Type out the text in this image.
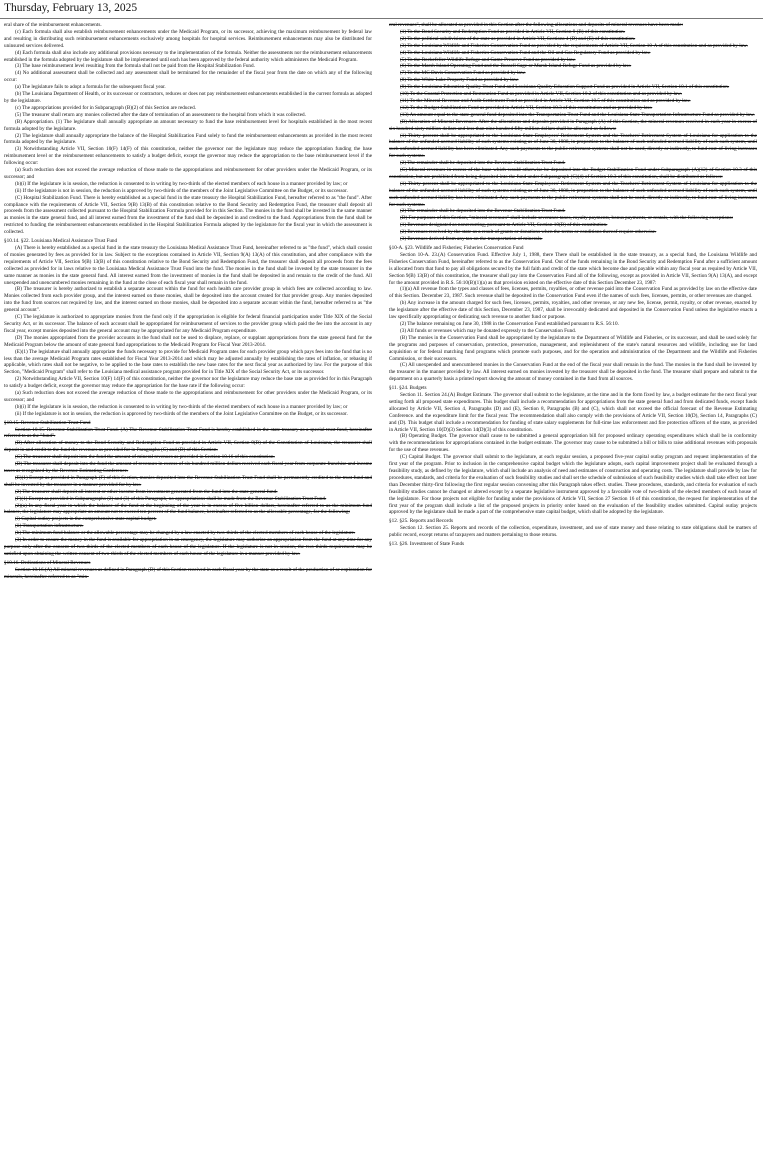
Thursday, February 13, 2025

eral share of the reimbursement enhancements.

(c) Each formula shall also establish reimbursement enhancements under the Medicaid Program, or its successor, achieving the maximum reimbursement by federal law and resulting in distributing such reimbursement enhancements exclusively among hospitals for hospital services. Reimbursement enhancements may also be distributed for uninsured services delivered.

(d) Each formula shall also include any additional provisions necessary to the implementation of the formula. Neither the assessments nor the reimbursement enhancements established in the formula adopted by the legislature shall be implemented until each has been approved by the federal authority which administers the Medicaid Program.

(3) The base reimbursement level resulting from the formula shall not be paid from the Hospital Stabilization Fund.

(4) No additional assessment shall be collected and any assessment shall be terminated for the remainder of the fiscal year from the date on which any of the following occur:

(a) The legislature fails to adopt a formula for the subsequent fiscal year.

(b) The Louisiana Department of Health, or its successor or contractors, reduces or does not pay reimbursement enhancements established in the current formula as adopted by the legislature.

(c) The appropriations provided for in Subparagraph (B)(2) of this Section are reduced.

(5) The treasurer shall return any monies collected after the date of termination of an assessment to the hospital from which it was collected.

(B) Appropriation. (1) The legislature shall annually appropriate an amount necessary to fund the base reimbursement level for hospitals established in the most recent formula adopted by the legislature.

(2) The legislature shall annually appropriate the balance of the Hospital Stabilization Fund solely to fund the reimbursement enhancements as provided in the most recent formula adopted by the legislature.

(3) Notwithstanding Article VII, Section 10(F) 14(F) of this constitution, neither the governor nor the legislature may reduce the appropriation funding the base reimbursement level or the reimbursement enhancements to satisfy a budget deficit, except the governor may reduce the appropriation to the base reimbursement level if the following occur:

(a) Such reduction does not exceed the average reduction of those made to the appropriations and reimbursement for other providers under the Medicaid Program, or its successor; and

(b)(i) If the legislature is in session, the reduction is consented to in writing by two-thirds of the elected members of each house in a manner provided by law; or

(ii) If the legislature is not in session, the reduction is approved by two-thirds of the members of the Joint Legislative Committee on the Budget, or its successor.

(C) Hospital Stabilization Fund. There is hereby established as a special fund in the state treasury the Hospital Stabilization Fund, hereafter referred to as "the fund". After compliance with the requirements of Article VII, Section 9(B) 13(B) of this constitution relative to the Bond Security and Redemption Fund, the treasurer shall deposit all proceeds from the assessment collected pursuant to the Hospital Stabilization Formula provided for in this Section. The monies in the fund shall be invested in the same manner as monies in the state general fund, and all interest earned from the investment of the fund shall be deposited in and credited to the fund. Appropriations from the fund shall be restricted to funding the reimbursement enhancements established in the Hospital Stabilization Formula adopted by the legislature for the fiscal year in which the assessment is collected.

§10.14. §22. Louisiana Medical Assistance Trust Fund

(A) There is hereby established as a special fund in the state treasury the Louisiana Medical Assistance Trust Fund, hereinafter referred to as "the fund", which shall consist of monies generated by fees as provided for in law. Subject to the exceptions contained in Article VII, Section 9(A) 13(A) of this constitution, and after compliance with the requirements of Article VII, Section 9(B) 13(B) of this constitution relative to the Bond Security and Redemption Fund, the treasurer shall deposit all proceeds from the fees collected as provided for in laws relative to the Louisiana Medical Assistance Trust Fund into the fund. The monies in the fund shall be invested by the state treasurer in the same manner as monies in the state general fund. All interest earned from the investment of monies in the fund shall be deposited in and remain to the credit of the fund. All unexpended and unencumbered monies remaining in the fund at the close of each fiscal year shall remain in the fund.

(B) The treasurer is hereby authorized to establish a separate account within the fund for each health care provider group in which fees are collected according to law. Monies collected from each provider group, and the interest earned on those monies, shall be deposited into the account created for that provider group. Any monies deposited into the fund from sources not required by law, and the interest earned on those monies, shall be deposited into a separate account within the fund, hereafter referred to as "the general account".

(C) The legislature is authorized to appropriate monies from the fund only if the appropriation is eligible for federal financial participation under Title XIX of the Social Security Act, or its successor. The balance of each account shall be appropriated for reimbursement of services to the provider group which paid the fee into the account in any fiscal year, except monies deposited into the general account may be appropriated for any Medicaid Program expenditure.

(D) The monies appropriated from the provider accounts in the fund shall not be used to displace, replace, or supplant appropriations from the state general fund for the Medicaid Program below the amount of state general fund appropriations to the Medicaid Program for Fiscal Year 2013-2014.

(E)(1) The legislature shall annually appropriate the funds necessary to provide for Medicaid Program rates for each provider group which pays fees into the fund that is no less than the average Medicaid Program rates established for Fiscal Year 2013-2014 and which may be adjusted annually by establishing the rates of inflation, or rebasing if applicable, which rates shall not be negative, to be applied to the base rates to establish the new base rates for the next fiscal year as authorized by law. For the purpose of this Section, "Medicaid Program" shall refer to the Louisiana medical assistance program provided for in Title XIX of the Social Security Act, or its successor.

(2) Notwithstanding Article VII, Section 10(F) 14(F) of this constitution, neither the governor nor the legislature may reduce the base rate as provided for in this Paragraph to satisfy a budget deficit, except the governor may reduce the appropriation for the base rate if the following occur:

(a) Such reduction does not exceed the average reduction of those made to the appropriations and reimbursement for other providers under the Medicaid Program, or its successor; and

(b)(i) If the legislature is in session, the reduction is consented to in writing by two-thirds of the elected members of each house in a manner provided by law; or

(ii) If the legislature is not in session, the reduction is approved by two-thirds of the members of the Joint Legislative Committee on the Budget, or its successor.

§10.15. Revenue Stabilization Trust Fund

Section 10.15. Revenue Stabilization Trust Fund. (A) The Revenue Stabilization Trust Fund is hereby established in the state treasury as a special trust fund, hereinafter referred to as the "fund".

(B) After allocation of money to the Bond Security and Redemption Fund as provided in Article VII, Section 9(B) of the Constitution of Louisiana, the treasurer shall deposit in and credit to the fund the revenues as provided for in Paragraphs (C) and (D) of this Section.

(C) The treasurer shall deposit into the fund the amount of mineral revenues as provided in Section 10.16 of this constitution.

(D) The treasurer shall deposit into the fund the amount of revenues in excess of six hundred million dollars received each fiscal year from corporate franchise and income taxes as recognized by the Revenue Estimating Conference.

(E)(1) Except as provided in Paragraph (F) of this Section, monies deposited into the Revenue Stabilization Trust Fund shall be permanently credited to the trust fund and shall be invested by the treasurer in a manner provided for by law.

(2) The treasurer shall deposit all interest or other income from investment generated from the fund into the state general fund.

(F)(1) Except as provided in Subparagraphs (2) and (3) of this Paragraph, no appropriations shall be made from the Revenue Stabilization Trust Fund.

(2)(a) In any fiscal year in which the balance of the fund at the beginning of the year is in excess of five billion dollars, hereinafter referred to as the minimum fund balance, the legislature may appropriate an amount not to exceed ten percent of the fund balance, hereinafter referred to as the allowable percentage, for the following:

(i) Capital outlay projects in the comprehensive state capital budget.

(ii) Transportation infrastructure.

(b) The minimum fund balance or the allowable percentage may be changed by a law enacted by two-thirds of the elected members of each house of the legislature.

(3) In order to ensure the money in the fund is available for appropriation in an emergency, the legislature may authorize an appropriation from the fund at any time for any purpose only after the consent of two-thirds of the elected members of each house of the legislature. If the legislature is not in session, the two-thirds requirement may be satisfied upon obtaining the written consent of two-thirds of the elected members of each house of the legislature in a manner provided by law.

§10.16. Dedications of Mineral Revenues

Section 10.16.(A) All mineral revenues as defined in Paragraph (D) of this Section received in each fiscal year by the state as a result of the production of or exploration for minerals, hereinafter referred to as "min-

eral revenues", shall be allocated as provided in this Section after the following allocations and deposits of mineral revenues have been made:

(1) To the Bond Security and Redemption Fund as provided in Article VII, Section 9 (B) of this constitution.

(2) To the political subdivisions of the state as provided in Article VII, Sections 4 (D) and (E) of this constitution.

(3) To the Louisiana Wildlife and Fisheries Conservation Fund as provided by the requirements of Article VII, Section 10-A of this constitution and as provided by law.

(4) To the Louisiana Wildlife and Fisheries Conservation Fund and the Oil and Gas Regulatory Fund as provided by law.

(5) To the Rockefeller Wildlife Refuge and Game Preserve Fund as provided by law.

(6) To the Marsh Island Operating Fund and the Russell Sage or Marsh Island Refuge Fund as provided by law.

(7) To the MC Davis Conservation Fund as provided by law.

(8) To the White Lake Property Fund as provided by law.

(9) To the Louisiana Education Quality Trust Fund and Louisiana Quality Education Support Fund as provided in Article VII, Section 10.1 of this constitution.

(10) To the Coastal Protection and Restoration Fund as provided in Article VII, Section 10.2 of this constitution and as provided by law.

(11) To the Mineral Revenue and Audit Settlement Fund as provided in Article VII, Section 10.5 of this constitution and as provided by law.

(12) To the Budget Stabilization Fund as provided in Article VII, Section 10.3 of this constitution and as provided by law.

(13) An amount equal to the state general fund deposited into the Transportation Trust Fund and the Louisiana State Transportation Infrastructure Fund as provided by law.

(B) Allocation of Mineral Revenues. After the allocations and deposits provided in Paragraph (A) of this Section, the mineral revenues received in each year in excess of six hundred sixty million dollars and less than nine hundred fifty million dollars shall be allocated as follows:

(1) Thirty percent shall be appropriated to the Louisiana State Employees' Retirement System and the Teachers' Retirement System of Louisiana for application to the balance of the unfunded accrued liability of such systems existing as of June 30, 1988, in proportion to the balance of such unfunded accrued liability of each such system, until such unfunded accrued liability has been eliminated. Any such payments to the public retirement systems shall not be used, directly or indirectly, to fund cost-of-living increases for such systems.

(2) The remainder shall be deposited into the Revenue Stabilization Trust Fund.

(C) Mineral revenues in excess of the base which would otherwise be deposited into the Budget Stabilization Fund under Subparagraph (A)(12) of Section 10.3 of this constitution, but are prohibited from being deposited into the fund under Subparagraph (C)(4) of Section 10.3 of this constitution, shall be distributed as follows:

(1) Thirty percent shall be appropriated to the Louisiana State Employees' Retirement System and the Teachers' Retirement System of Louisiana for application to the balance of the unfunded accrued liability of such systems existing as of June 30, 1988, in proportion to the balance of such unfunded accrued liability of each such system, until such unfunded accrued liability has been eliminated. Any such payments to the public retirement systems shall not be used, directly or indirectly, to fund cost-of-living increases for such systems.

(2) The remainder shall be deposited into the Revenue Stabilization Trust Fund.

(D) For purposes of this Section, "mineral revenues" shall include severance taxes, royalty payments, bonus payments, or rentals, with the following exceptions:

(1) Revenues designated as nonrecurring, pursuant to Article VII, Section 10(B) of this constitution.

(2) Revenues received by the state as a result of grants or donations when the terms or conditions thereof require otherwise.

(3) Revenues derived from any tax on the transportation of minerals.

§10-A. §23. Wildlife and Fisheries; Fisheries Conservation Fund

Section 10-A. 23.(A) Conservation Fund. Effective July 1, 1988, there There shall be established in the state treasury, as a special fund, the Louisiana Wildlife and Fisheries Conservation Fund, hereinafter referred to as the Conservation Fund. Out of the funds remaining in the Bond Security and Redemption Fund after a sufficient amount is allocated from that fund to pay all obligations secured by the full faith and credit of the state which become due and payable within any fiscal year as required by Article VII, Section 9(B) 13(B) of this constitution, the treasurer shall pay into the Conservation Fund all of the following, except as provided in Article VII, Section 9(A) 13(A), and except for the amount provided in R.S. 56:10(B)(1)(a) as that provision existed on the effective date of this Section December 23, 1987:

(1)(a) All revenue from the types and classes of fees, licenses, permits, royalties, or other revenue paid into the Conservation Fund as provided by law on the effective date of this Section. December 23, 1987. Such revenue shall be deposited in the Conservation Fund even if the names of such fees, licenses, permits, or other revenues are changed.

(b) Any increase in the amount charged for such fees, licenses, permits, royalties, and other revenue, or any new fee, license, permit, royalty, or other revenue, enacted by the legislature after the effective date of this Section, December 23, 1987, shall be irrevocably dedicated and deposited in the Conservation Fund unless the legislative enacts a law specifically appropriating or dedicating such revenue to another fund or purpose.

(2) The balance remaining on June 30, 1988 in the Conservation Fund established pursuant to R.S. 56:10.

(3) All funds or revenues which may be donated expressly to the Conservation Fund.

(B) The monies in the Conservation Fund shall be appropriated by the legislature to the Department of Wildlife and Fisheries, or its successor, and shall be used solely for the programs and purposes of conservation, protection, preservation, management, and replenishment of the state's natural resources and wildlife, including use for land acquisition or for federal matching fund programs which promote such purposes, and for the operation and administration of the Department and the Wildlife and Fisheries Commission, or their successors.

(C) All unexpended and unencumbered monies in the Conservation Fund at the end of the fiscal year shall remain in the fund. The monies in the fund shall be invested by the treasurer in the manner provided by law. All interest earned on monies invested by the treasurer shall be deposited in the fund. The treasurer shall prepare and submit to the department on a quarterly basis a printed report showing the amount of money contained in the fund from all sources.

§11. §24. Budgets

Section 11. Section 24.(A) Budget Estimate. The governor shall submit to the legislature, at the time and in the form fixed by law, a budget estimate for the next fiscal year setting forth all proposed state expenditures. This budget shall include a recommendation for appropriations from the state general fund and from dedicated funds, except funds allocated by Article VII, Section 4, Paragraphs (D) and (E), Section 8, Paragraphs (B) and (C), which shall not exceed the official forecast of the Revenue Estimating Conference. and the expenditure limit for the fiscal year. The recommendation shall also comply with the provisions of Article VII, Section 10(D), Section 14, Paragraphs (C) and (D). This budget shall include a recommendation for funding of state salary supplements for full-time law enforcement and fire protection officers of the state, as provided in Article VII, Section 10(D)(3) Section 14(D)(3) of this constitution.

(B) Operating Budget. The governor shall cause to be submitted a general appropriation bill for proposed ordinary operating expenditures which shall be in conformity with the recommendations for appropriations contained in the budget estimate. The governor may cause to be submitted a bill or bills to raise additional revenues with proposals for the use of these revenues.

(C) Capital Budget. The governor shall submit to the legislature, at each regular session, a proposed five-year capital outlay program and request implementation of the first year of the program. Prior to inclusion in the comprehensive capital budget which the legislature adopts, each capital improvement project shall be evaluated through a feasibility study, as defined by the legislature, which shall include an analysis of need and estimates of construction and operating costs. The legislature shall provide by law for procedures, standards, and criteria for the evaluation of such feasibility studies and shall set the schedule of submission of such feasibility studies which shall take effect not later than December thirty-first following the first regular session convening after this Paragraph takes effect. studies. These procedures, standards, and criteria for evaluation of such feasibility studies cannot be changed or altered except by a separate legislative instrument approved by a favorable vote of two-thirds of the elected members of each house of the legislature. For those projects not eligible for funding under the provisions of Article VII, Section 27 Section 16 of this constitution, the request for implementation of the first year of the program shall include a list of the proposed projects in priority order based on the evaluation of the feasibility studies submitted. Capital outlay projects approved by the legislature shall be made a part of the comprehensive state capital budget, which shall be adopted by the legislature.

§12. §25. Reports and Records

Section 12. Section 25. Reports and records of the collection, expenditure, investment, and use of state money and those relating to state obligations shall be matters of public record, except returns of taxpayers and matters pertaining to those returns.

§13. §26. Investment of State Funds
